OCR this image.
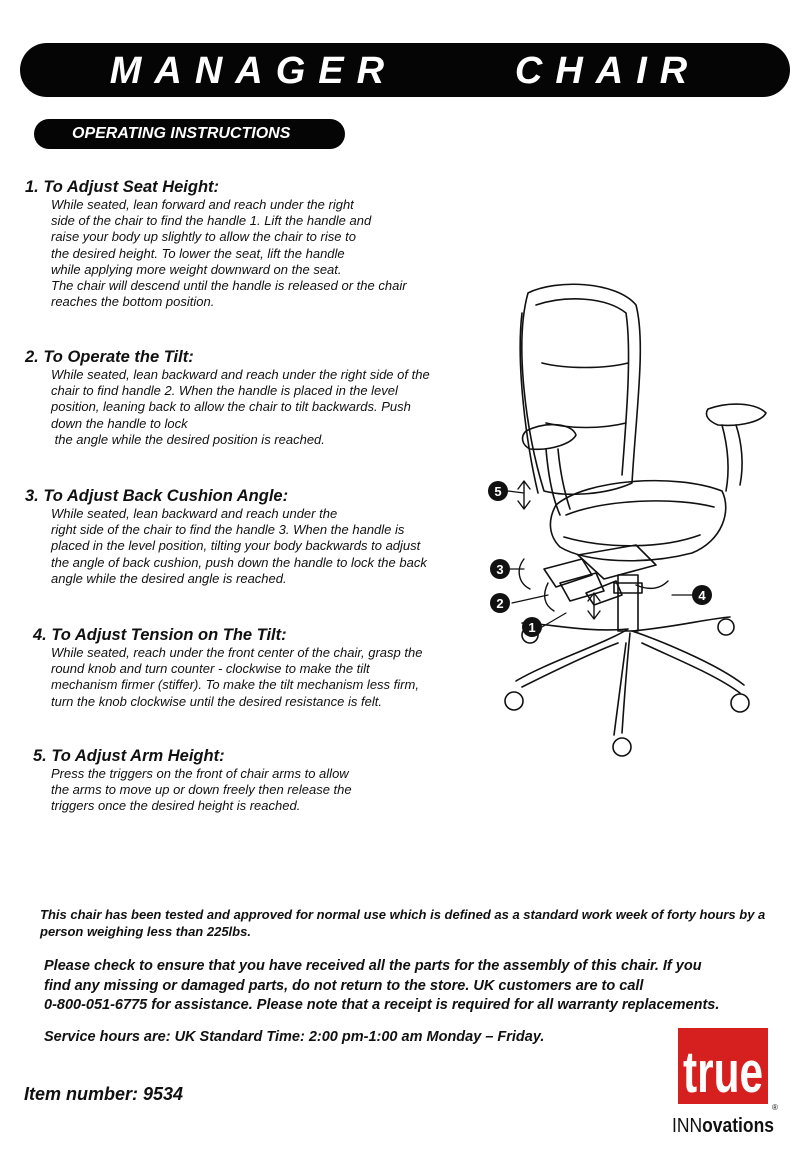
MANAGER     CHAIR
OPERATING INSTRUCTIONS
1. To Adjust Seat Height:
While seated, lean forward and reach under the right
side of the chair to find the handle 1. Lift the handle and
raise your body up slightly to allow the chair to rise to
the desired height. To lower the seat, lift the handle
while applying more weight downward on the seat.
The chair will descend until the handle is released or the chair
reaches the bottom position.
2. To Operate the Tilt:
While seated, lean backward and reach under the right side of the
chair to find handle 2. When the handle is placed in the level
position, leaning back to allow the chair to tilt backwards. Push
down the handle to lock
the angle while the desired position is reached.
3. To Adjust Back Cushion Angle:
While seated, lean backward and reach under the
right side of the chair to find the handle 3. When the handle is
placed in the level position, tilting your body backwards to adjust
the angle of back cushion, push down the handle to lock the back
angle while the desired angle is reached.
4. To Adjust Tension on The Tilt:
While seated, reach under the front center of the chair, grasp the
round knob and turn counter - clockwise to make the tilt
mechanism firmer (stiffer). To make the tilt mechanism less firm,
turn the knob clockwise until the desired resistance is felt.
5. To Adjust Arm Height:
Press the triggers on the front of chair arms to allow
the arms to move up or down freely then release the
triggers once the desired height is reached.
5
3
2
1
4
This chair has been tested and approved for normal use which is defined as a standard work week of forty hours by a person weighing less than 225lbs.
Please check to ensure that you have received all the parts for the assembly of this chair. If you
find any missing or damaged parts, do not return to the store. UK customers are to call
0-800-051-6775 for assistance. Please note that a receipt is required for all warranty replacements.
Service hours are: UK Standard Time: 2:00 pm-1:00 am Monday – Friday.
Item number: 9534	true
®
INNovations
